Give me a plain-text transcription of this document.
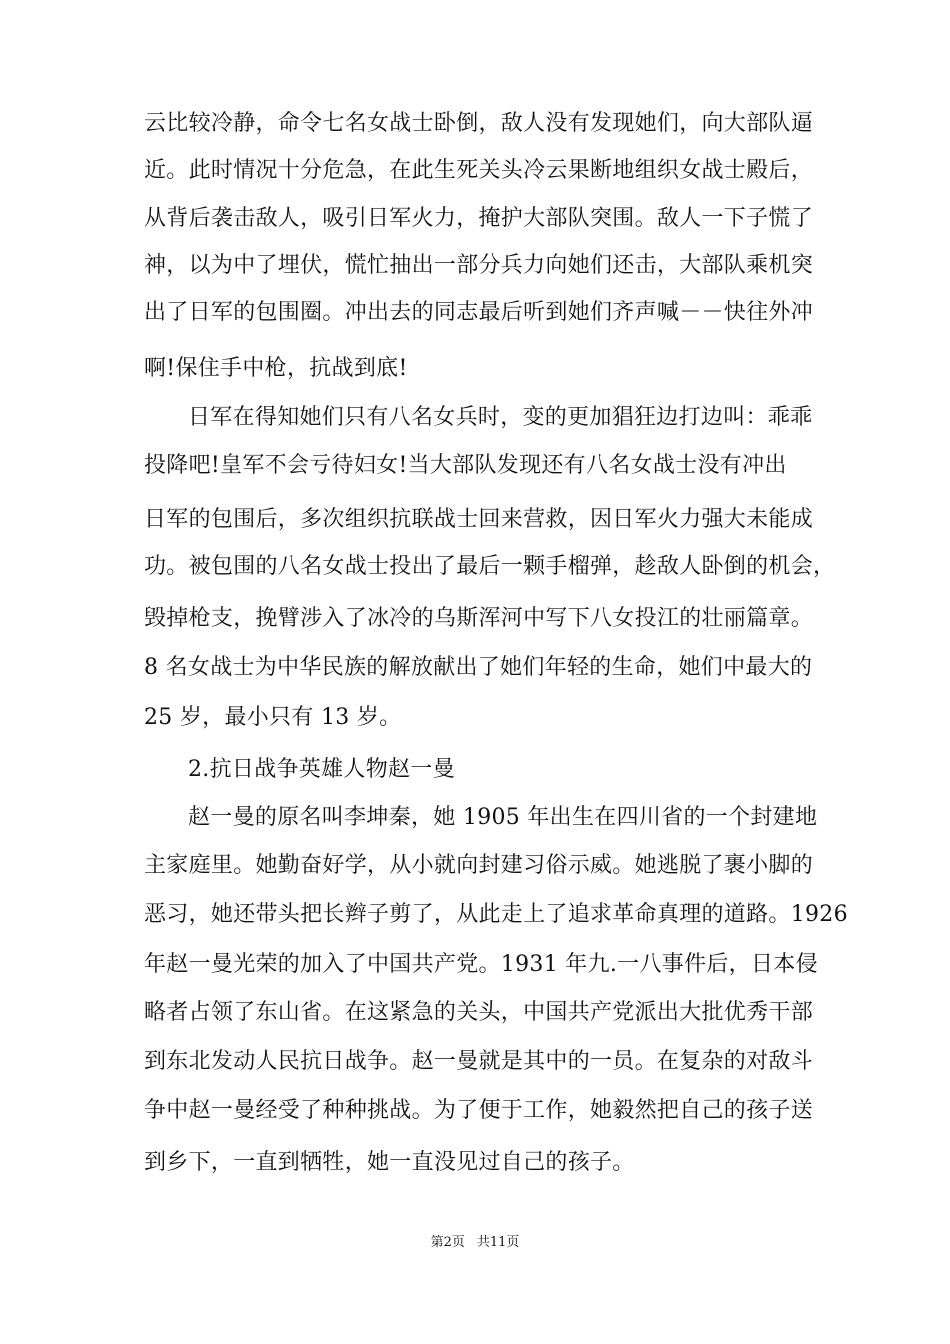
云比较冷静，命令七名女战士卧倒，敌人没有发现她们，向大部队逼
近。此时情况十分危急，在此生死关头冷云果断地组织女战士殿后，
从背后袭击敌人，吸引日军火力，掩护大部队突围。敌人一下子慌了
神，以为中了埋伏，慌忙抽出一部分兵力向她们还击，大部队乘机突
出了日军的包围圈。冲出去的同志最后听到她们齐声喊－－快往外冲
啊!保住手中枪，抗战到底!
日军在得知她们只有八名女兵时，变的更加猖狂边打边叫：乖乖
投降吧!皇军不会亏待妇女!当大部队发现还有八名女战士没有冲出
日军的包围后，多次组织抗联战士回来营救，因日军火力强大未能成
功。被包围的八名女战士投出了最后一颗手榴弹，趁敌人卧倒的机会，
毁掉枪支，挽臂涉入了冰冷的乌斯浑河中写下八女投江的壮丽篇章。
8 名女战士为中华民族的解放献出了她们年轻的生命，她们中最大的
25 岁，最小只有 13 岁。
2.抗日战争英雄人物赵一曼
赵一曼的原名叫李坤秦，她 1905 年出生在四川省的一个封建地
主家庭里。她勤奋好学，从小就向封建习俗示威。她逃脱了裹小脚的
恶习，她还带头把长辫子剪了，从此走上了追求革命真理的道路。1926
年赵一曼光荣的加入了中国共产党。1931 年九.一八事件后，日本侵
略者占领了东山省。在这紧急的关头，中国共产党派出大批优秀干部
到东北发动人民抗日战争。赵一曼就是其中的一员。在复杂的对敌斗
争中赵一曼经受了种种挑战。为了便于工作，她毅然把自己的孩子送
到乡下，一直到牺牲，她一直没见过自己的孩子。
第2页 共11页
